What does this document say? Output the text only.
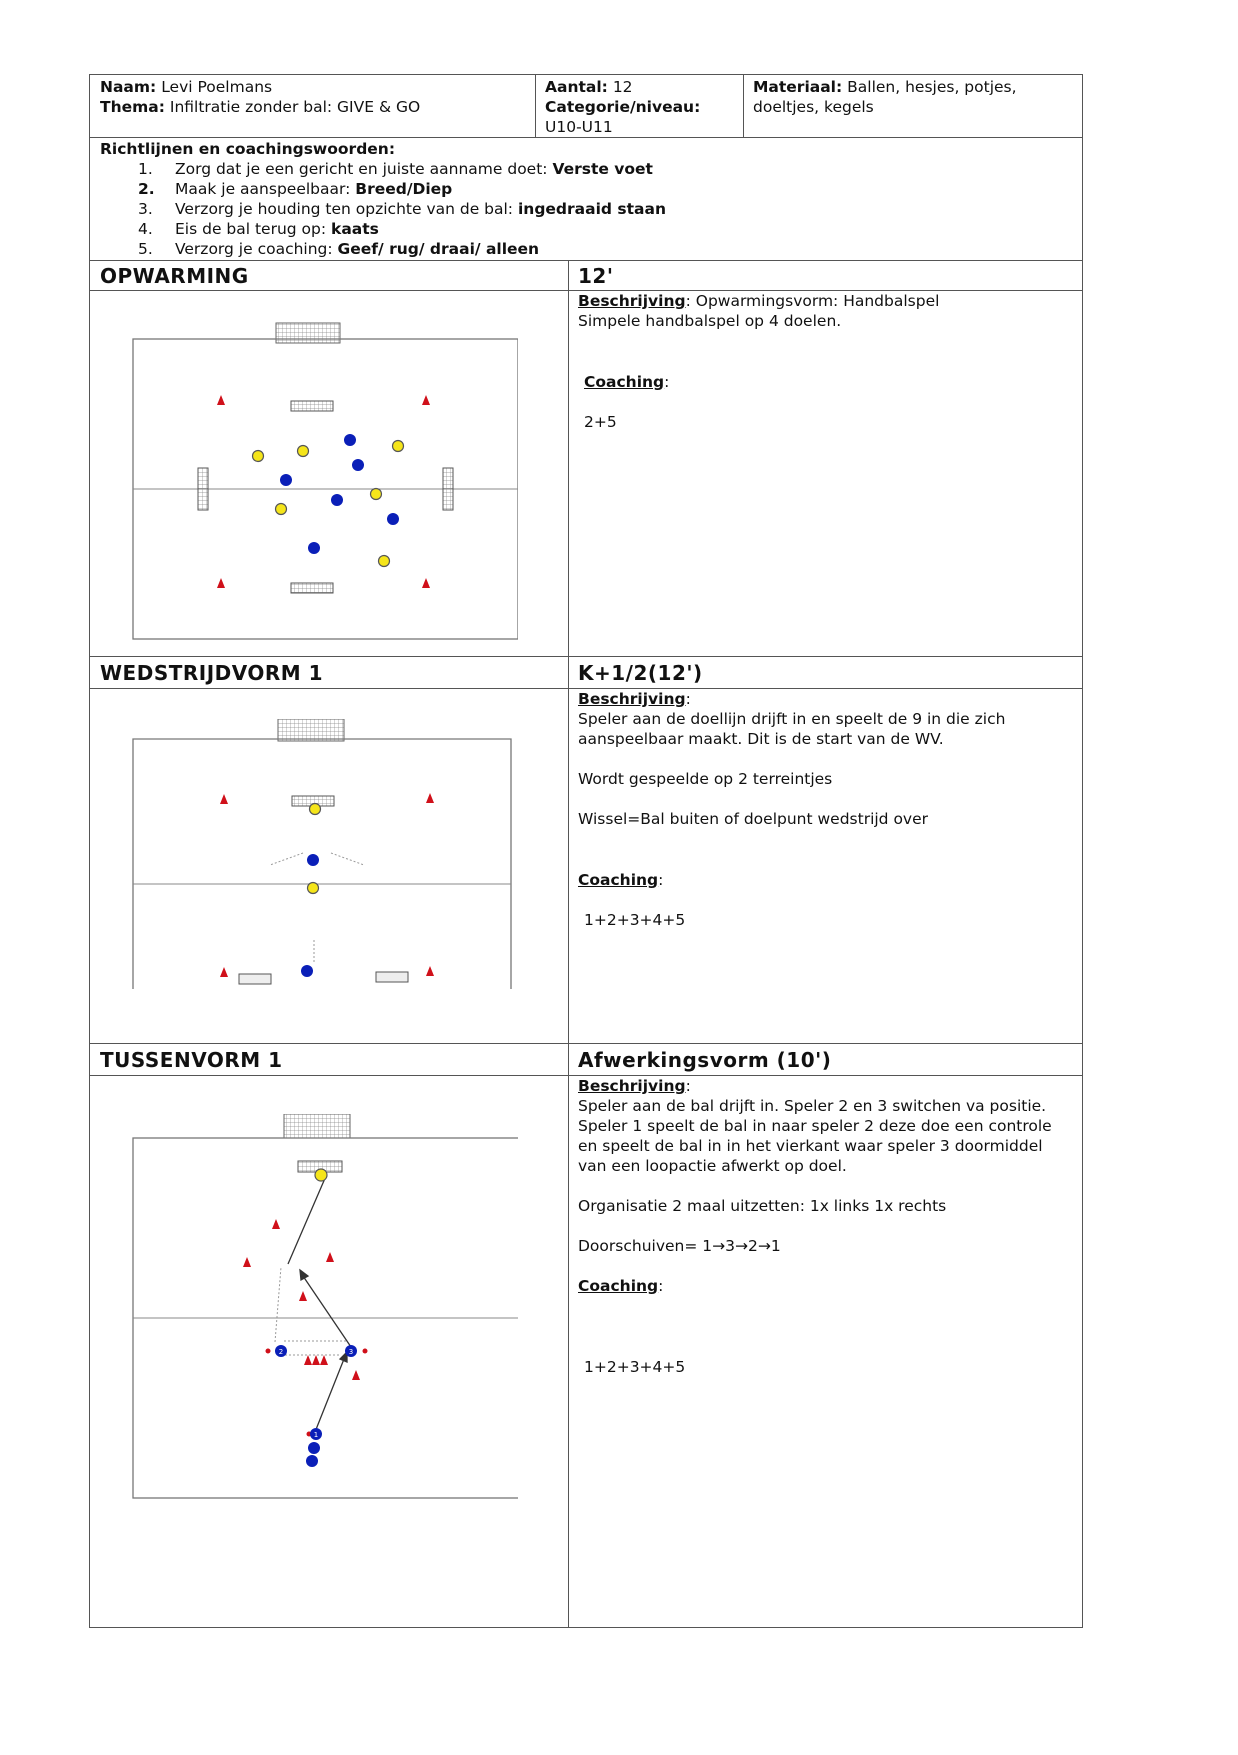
Naam: Levi Poelmans
Thema: Infiltratie zonder bal: GIVE & GO
Aantal: 12
Categorie/niveau:
U10-U11
Materiaal: Ballen, hesjes, potjes, doeltjes, kegels
Richtlijnen en coachingswoorden:
1. Zorg dat je een gericht en juiste aanname doet: Verste voet
2. Maak je aanspeelbaar: Breed/Diep
3. Verzorg je houding ten opzichte van de bal: ingedraaid staan
4. Eis de bal terug op: kaats
5. Verzorg je coaching: Geef/ rug/ draai/ alleen
OPWARMING	12'

Beschrijving: Opwarmingsvorm: Handbalspel

Simpele handbalspel op 4 doelen.

Coaching:

2+5

WEDSTRIJDVORM 1	K+1/2(12')

Beschrijving:

Speler aan de doellijn drijft in en speelt de 9 in die zich aanspeelbaar maakt. Dit is de start van de WV.

Wordt gespeelde op 2 terreintjes

Wissel=Bal buiten of doelpunt wedstrijd over

Coaching:

1+2+3+4+5

TUSSENVORM 1	Afwerkingsvorm (10')
2	3
1

Beschrijving:

Speler aan de bal drijft in. Speler 2 en 3 switchen va positie. Speler 1 speelt de bal in naar speler 2 deze doe een controle en speelt de bal in in het vierkant waar speler 3 doormiddel van een loopactie afwerkt op doel.

Organisatie 2 maal uitzetten: 1x links 1x rechts

Doorschuiven= 1→3→2→1

Coaching:

1+2+3+4+5
